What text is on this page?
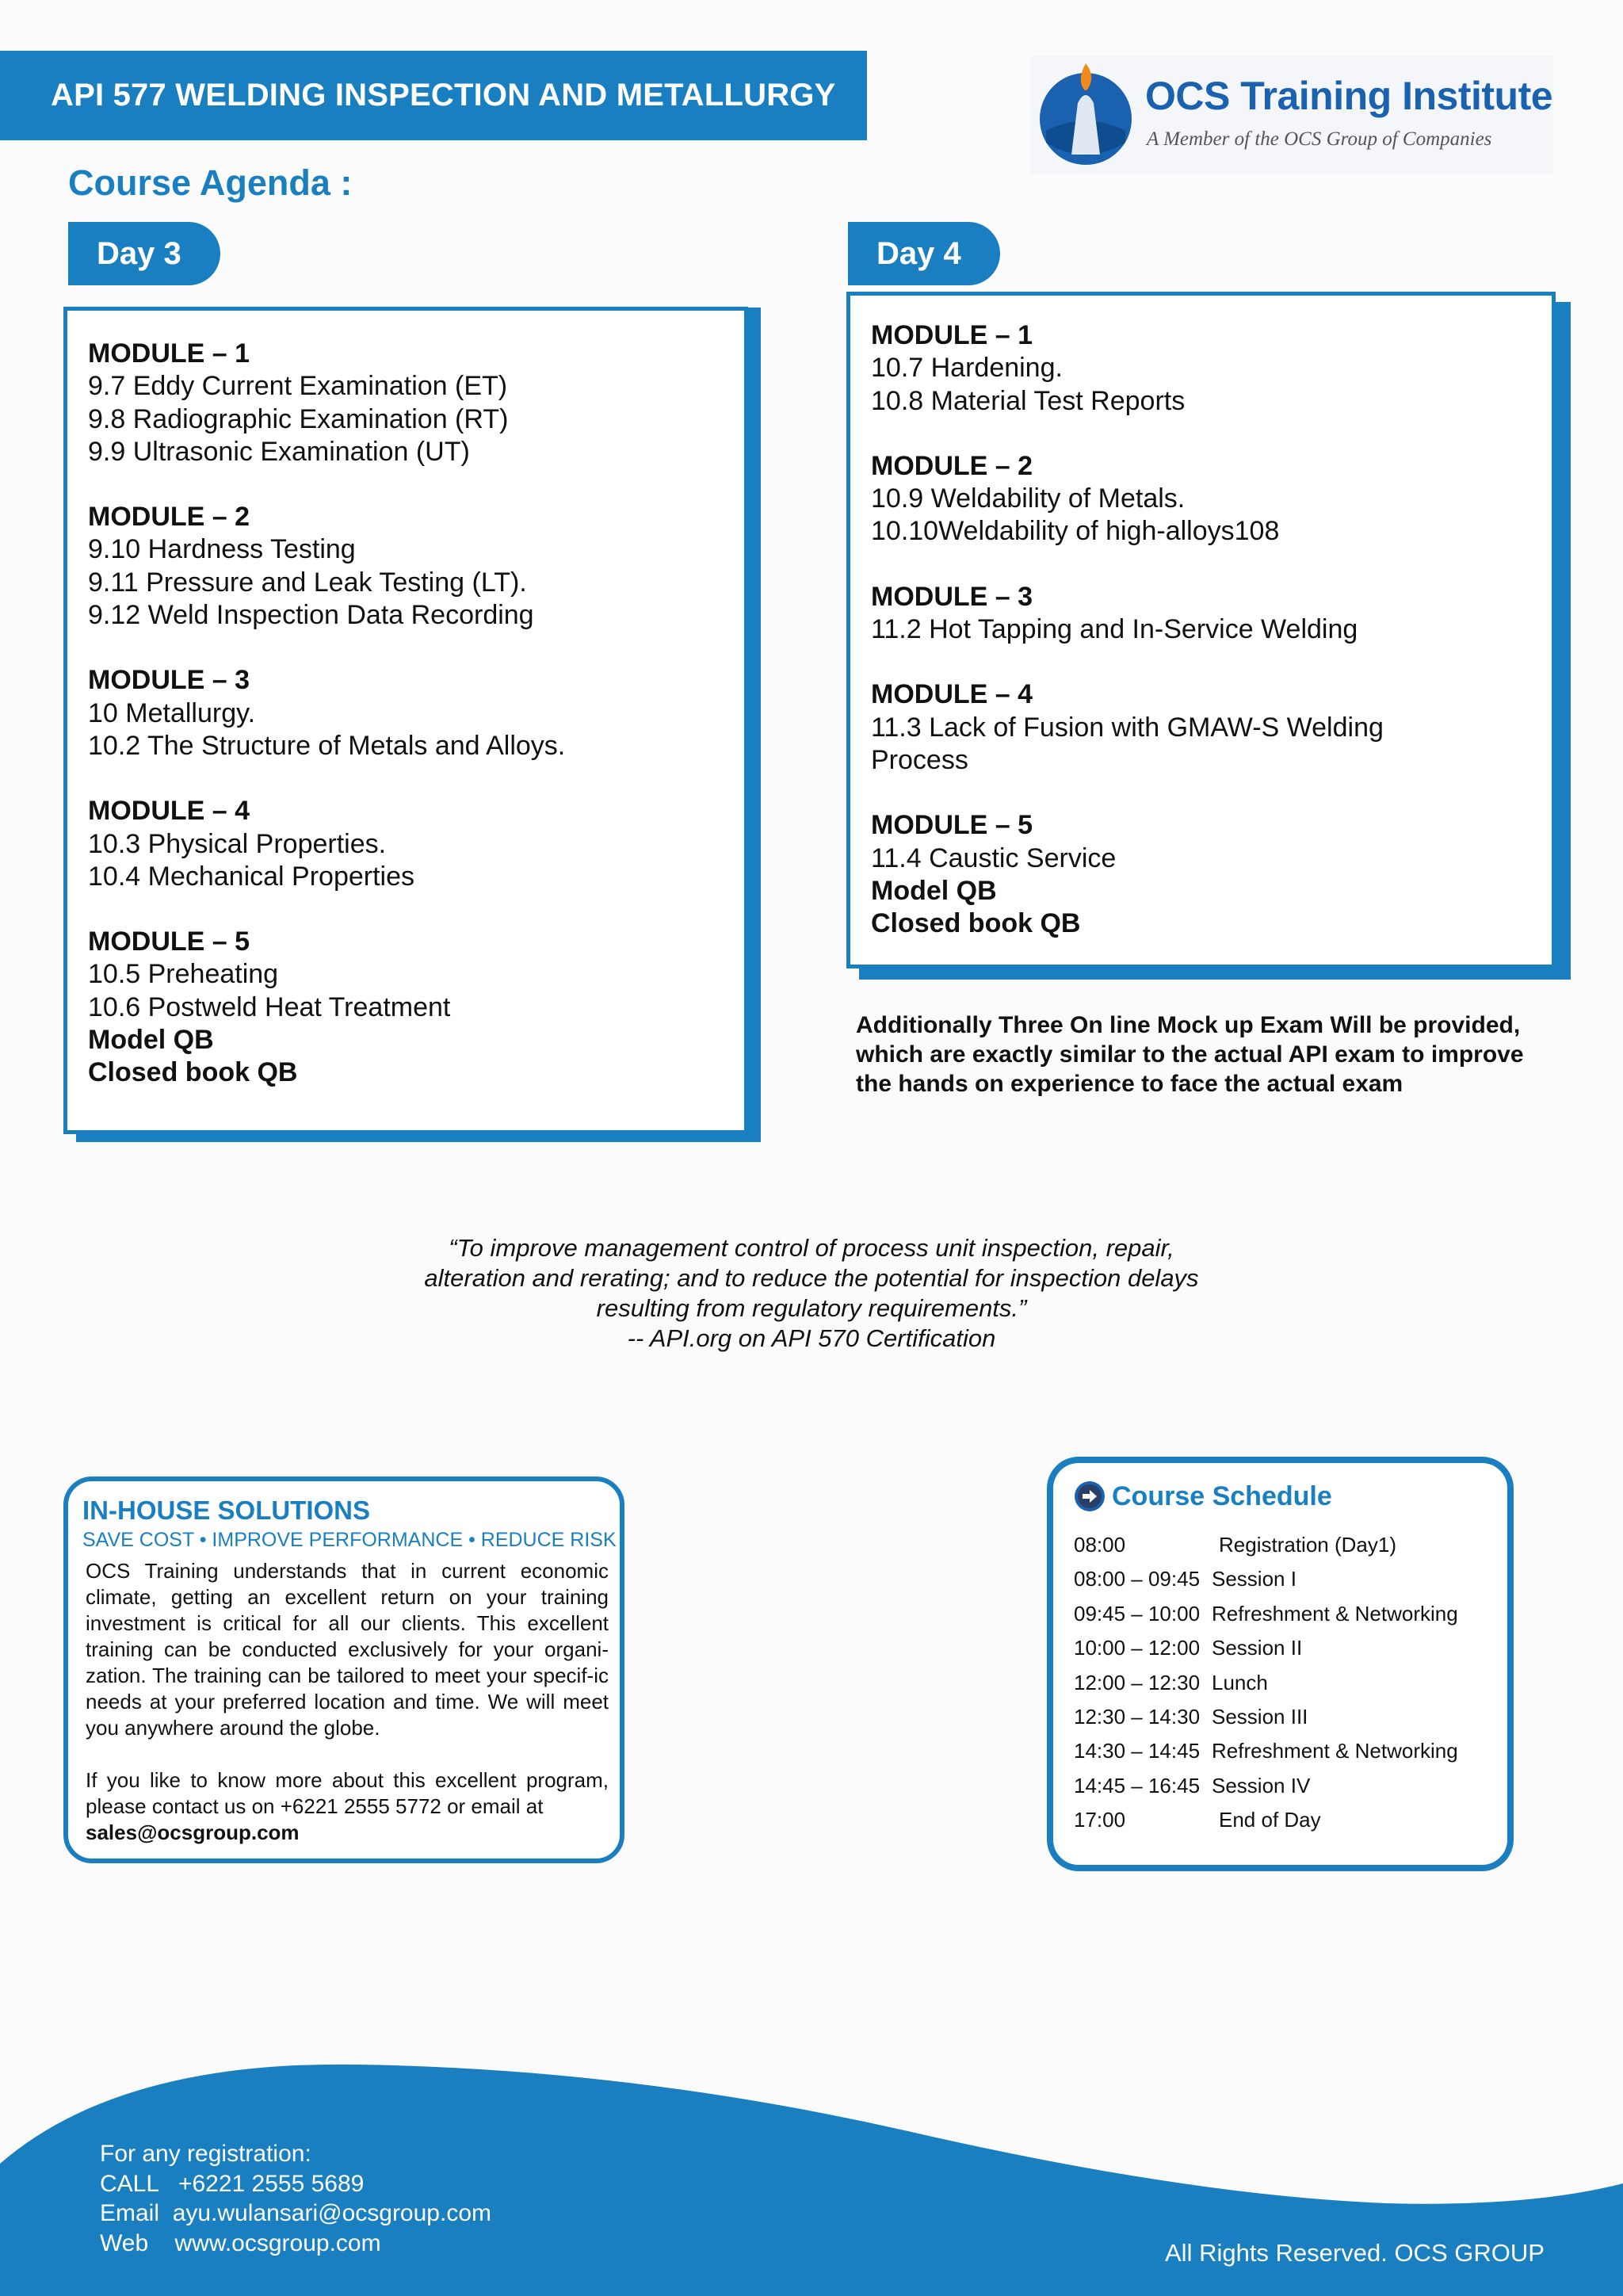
API 577 WELDING INSPECTION AND METALLURGY	OCS Training Institute
A Member of the OCS Group of Companies
Course Agenda :
Day 3
MODULE – 1
9.7 Eddy Current Examination (ET)
9.8 Radiographic Examination (RT)
9.9 Ultrasonic Examination (UT)
MODULE – 2
9.10 Hardness Testing
9.11 Pressure and Leak Testing (LT).
9.12 Weld Inspection Data Recording
MODULE – 3
10 Metallurgy.
10.2 The Structure of Metals and Alloys.
MODULE – 4
10.3 Physical Properties.
10.4 Mechanical Properties
MODULE – 5
10.5 Preheating
10.6 Postweld Heat Treatment
Model QB
Closed book QB
Day 4
MODULE – 1
10.7 Hardening.
10.8 Material Test Reports
MODULE – 2
10.9 Weldability of Metals.
10.10Weldability of high-alloys108
MODULE – 3
11.2 Hot Tapping and In-Service Welding
MODULE – 4
11.3 Lack of Fusion with GMAW-S Welding
Process
MODULE – 5
11.4 Caustic Service
Model QB
Closed book QB
Additionally Three On line Mock up Exam Will be provided,
which are exactly similar to the actual API exam to improve
the hands on experience to face the actual exam
“To improve management control of process unit inspection, repair,
alteration and rerating; and to reduce the potential for inspection delays
resulting from regulatory requirements.”
-- API.org on API 570 Certification
IN-HOUSE SOLUTIONS
SAVE COST • IMPROVE PERFORMANCE • REDUCE RISK

OCS Training understands that in current economic climate, getting an excellent return on your training investment is critical for all our clients. This excellent training can be conducted exclusively for your organi-zation. The training can be tailored to meet your specif-ic needs at your preferred location and time. We will meet you anywhere around the globe.

If you like to know more about this excellent program, please contact us on +6221 2555 5772 or email at
sales@ocsgroup.com

Course Schedule
08:00	Registration (Day1)
08:00 – 09:45 Session I
09:45 – 10:00 Refreshment & Networking
10:00 – 12:00 Session II
12:00 – 12:30 Lunch
12:30 – 14:30 Session III
14:30 – 14:45 Refreshment & Networking
14:45 – 16:45 Session IV
17:00	End of Day
For any registration:
CALL +6221 2555 5689
Email ayu.wulansari@ocsgroup.com
Web www.ocsgroup.com	All Rights Reserved. OCS GROUP
